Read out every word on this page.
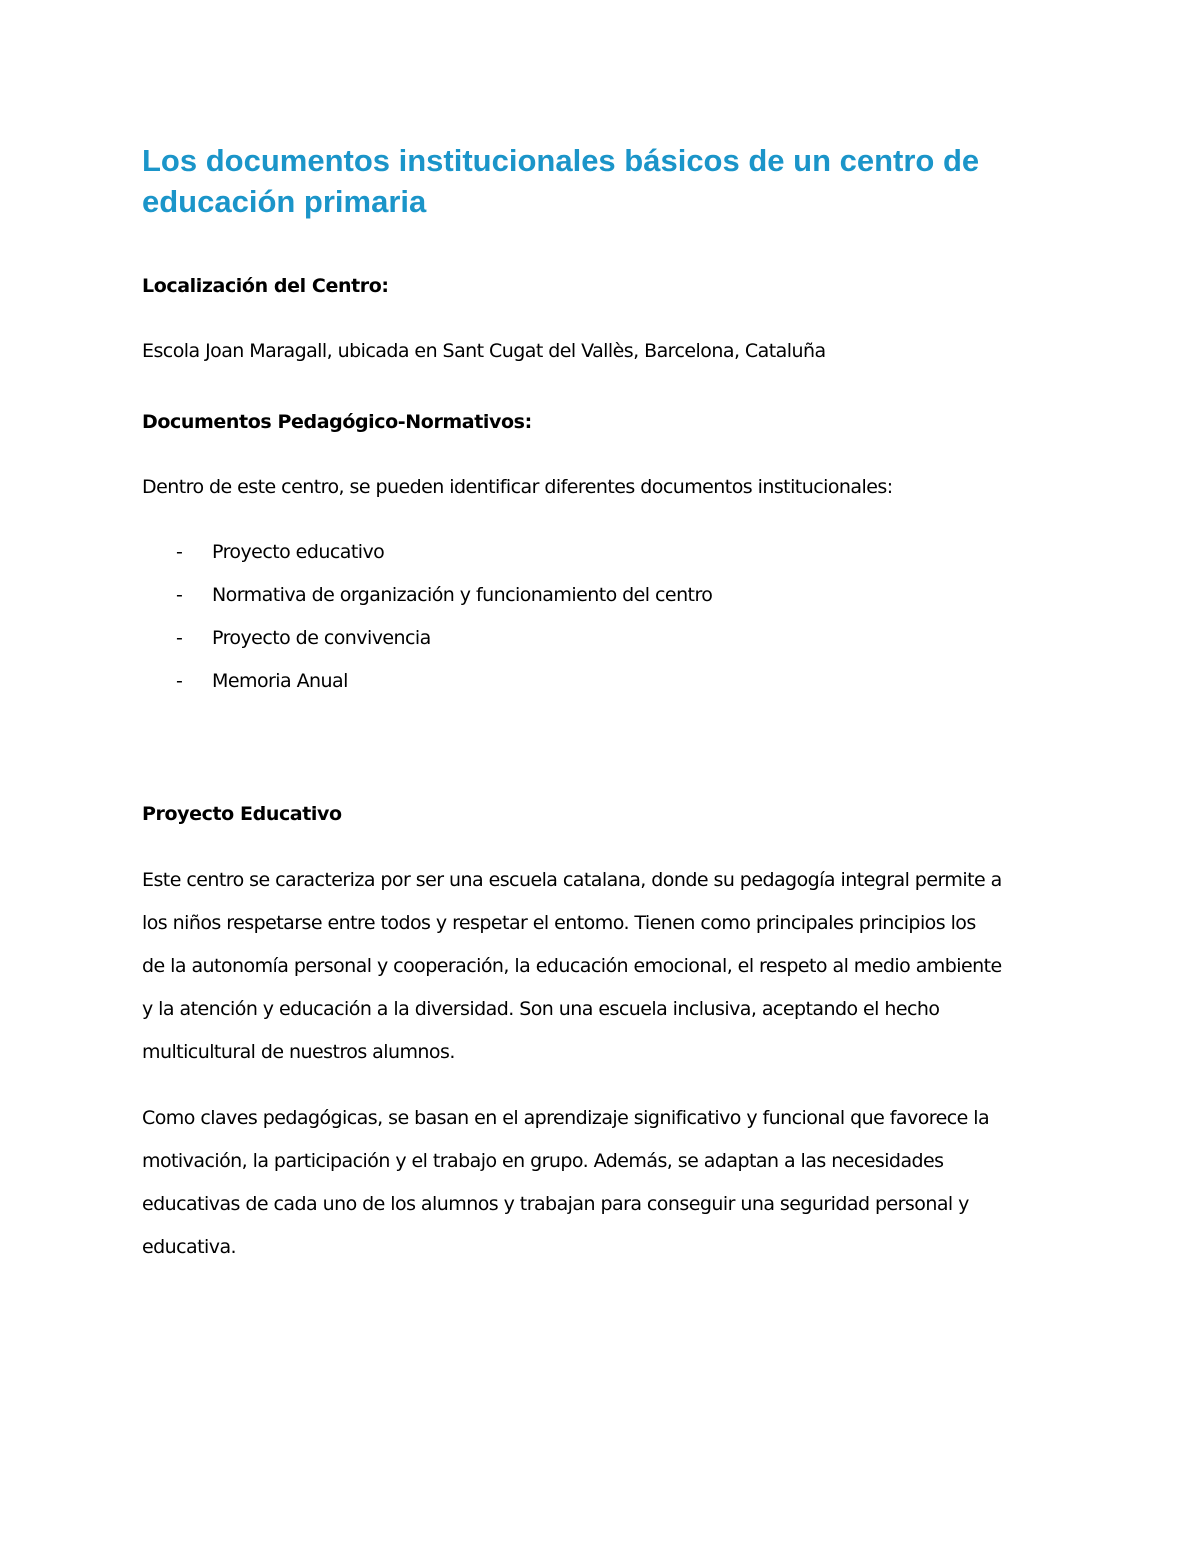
Los documentos institucionales básicos de un centro de educación primaria
Localización del Centro:

Escola Joan Maragall, ubicada en Sant Cugat del Vallès, Barcelona, Cataluña

Documentos Pedagógico-Normativos:

Dentro de este centro, se pueden identificar diferentes documentos institucionales:

- Proyecto educativo
- Normativa de organización y funcionamiento del centro
- Proyecto de convivencia
- Memoria Anual
Proyecto Educativo

Este centro se caracteriza por ser una escuela catalana, donde su pedagogía integral permite a
los niños respetarse entre todos y respetar el entomo. Tienen como principales principios los
de la autonomía personal y cooperación, la educación emocional, el respeto al medio ambiente
y la atención y educación a la diversidad. Son una escuela inclusiva, aceptando el hecho
multicultural de nuestros alumnos.

Como claves pedagógicas, se basan en el aprendizaje significativo y funcional que favorece la
motivación, la participación y el trabajo en grupo. Además, se adaptan a las necesidades
educativas de cada uno de los alumnos y trabajan para conseguir una seguridad personal y
educativa.
